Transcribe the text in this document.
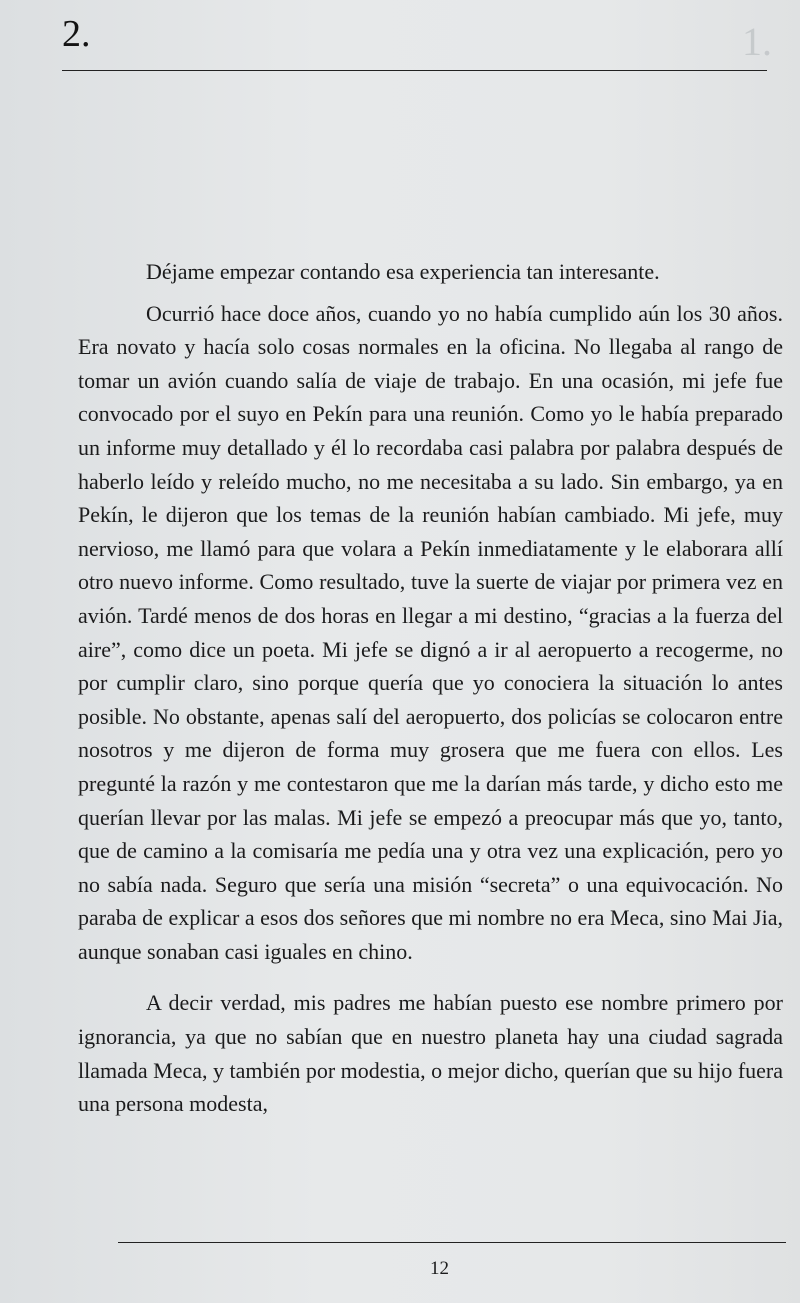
1.
2.

Déjame empezar contando esa experiencia tan interesante.

Ocurrió hace doce años, cuando yo no había cumplido aún los 30 años. Era novato y hacía solo cosas normales en la oficina. No llegaba al rango de tomar un avión cuando salía de viaje de trabajo. En una ocasión, mi jefe fue convocado por el suyo en Pekín para una reunión. Como yo le había preparado un informe muy detallado y él lo recordaba casi palabra por palabra después de haberlo leído y releído mucho, no me necesitaba a su lado. Sin embargo, ya en Pekín, le dijeron que los temas de la reunión habían cambiado. Mi jefe, muy nervioso, me llamó para que volara a Pekín inmediatamente y le elaborara allí otro nuevo informe. Como resultado, tuve la suerte de viajar por primera vez en avión. Tardé menos de dos horas en llegar a mi destino, “gracias a la fuerza del aire”, como dice un poeta. Mi jefe se dignó a ir al aeropuerto a recogerme, no por cumplir claro, sino porque quería que yo conociera la situación lo antes posible. No obstante, apenas salí del aeropuerto, dos policías se colocaron entre nosotros y me dijeron de forma muy grosera que me fuera con ellos. Les pregunté la razón y me contestaron que me la darían más tarde, y dicho esto me querían llevar por las malas. Mi jefe se empezó a preocupar más que yo, tanto, que de camino a la comisaría me pedía una y otra vez una explicación, pero yo no sabía nada. Seguro que sería una misión “secreta” o una equivocación. No paraba de explicar a esos dos señores que mi nombre no era Meca, sino Mai Jia, aunque sonaban casi iguales en chino.

A decir verdad, mis padres me habían puesto ese nombre primero por ignorancia, ya que no sabían que en nuestro planeta hay una ciudad sagrada llamada Meca, y también por modestia, o mejor dicho, querían que su hijo fuera una persona modesta,

12
